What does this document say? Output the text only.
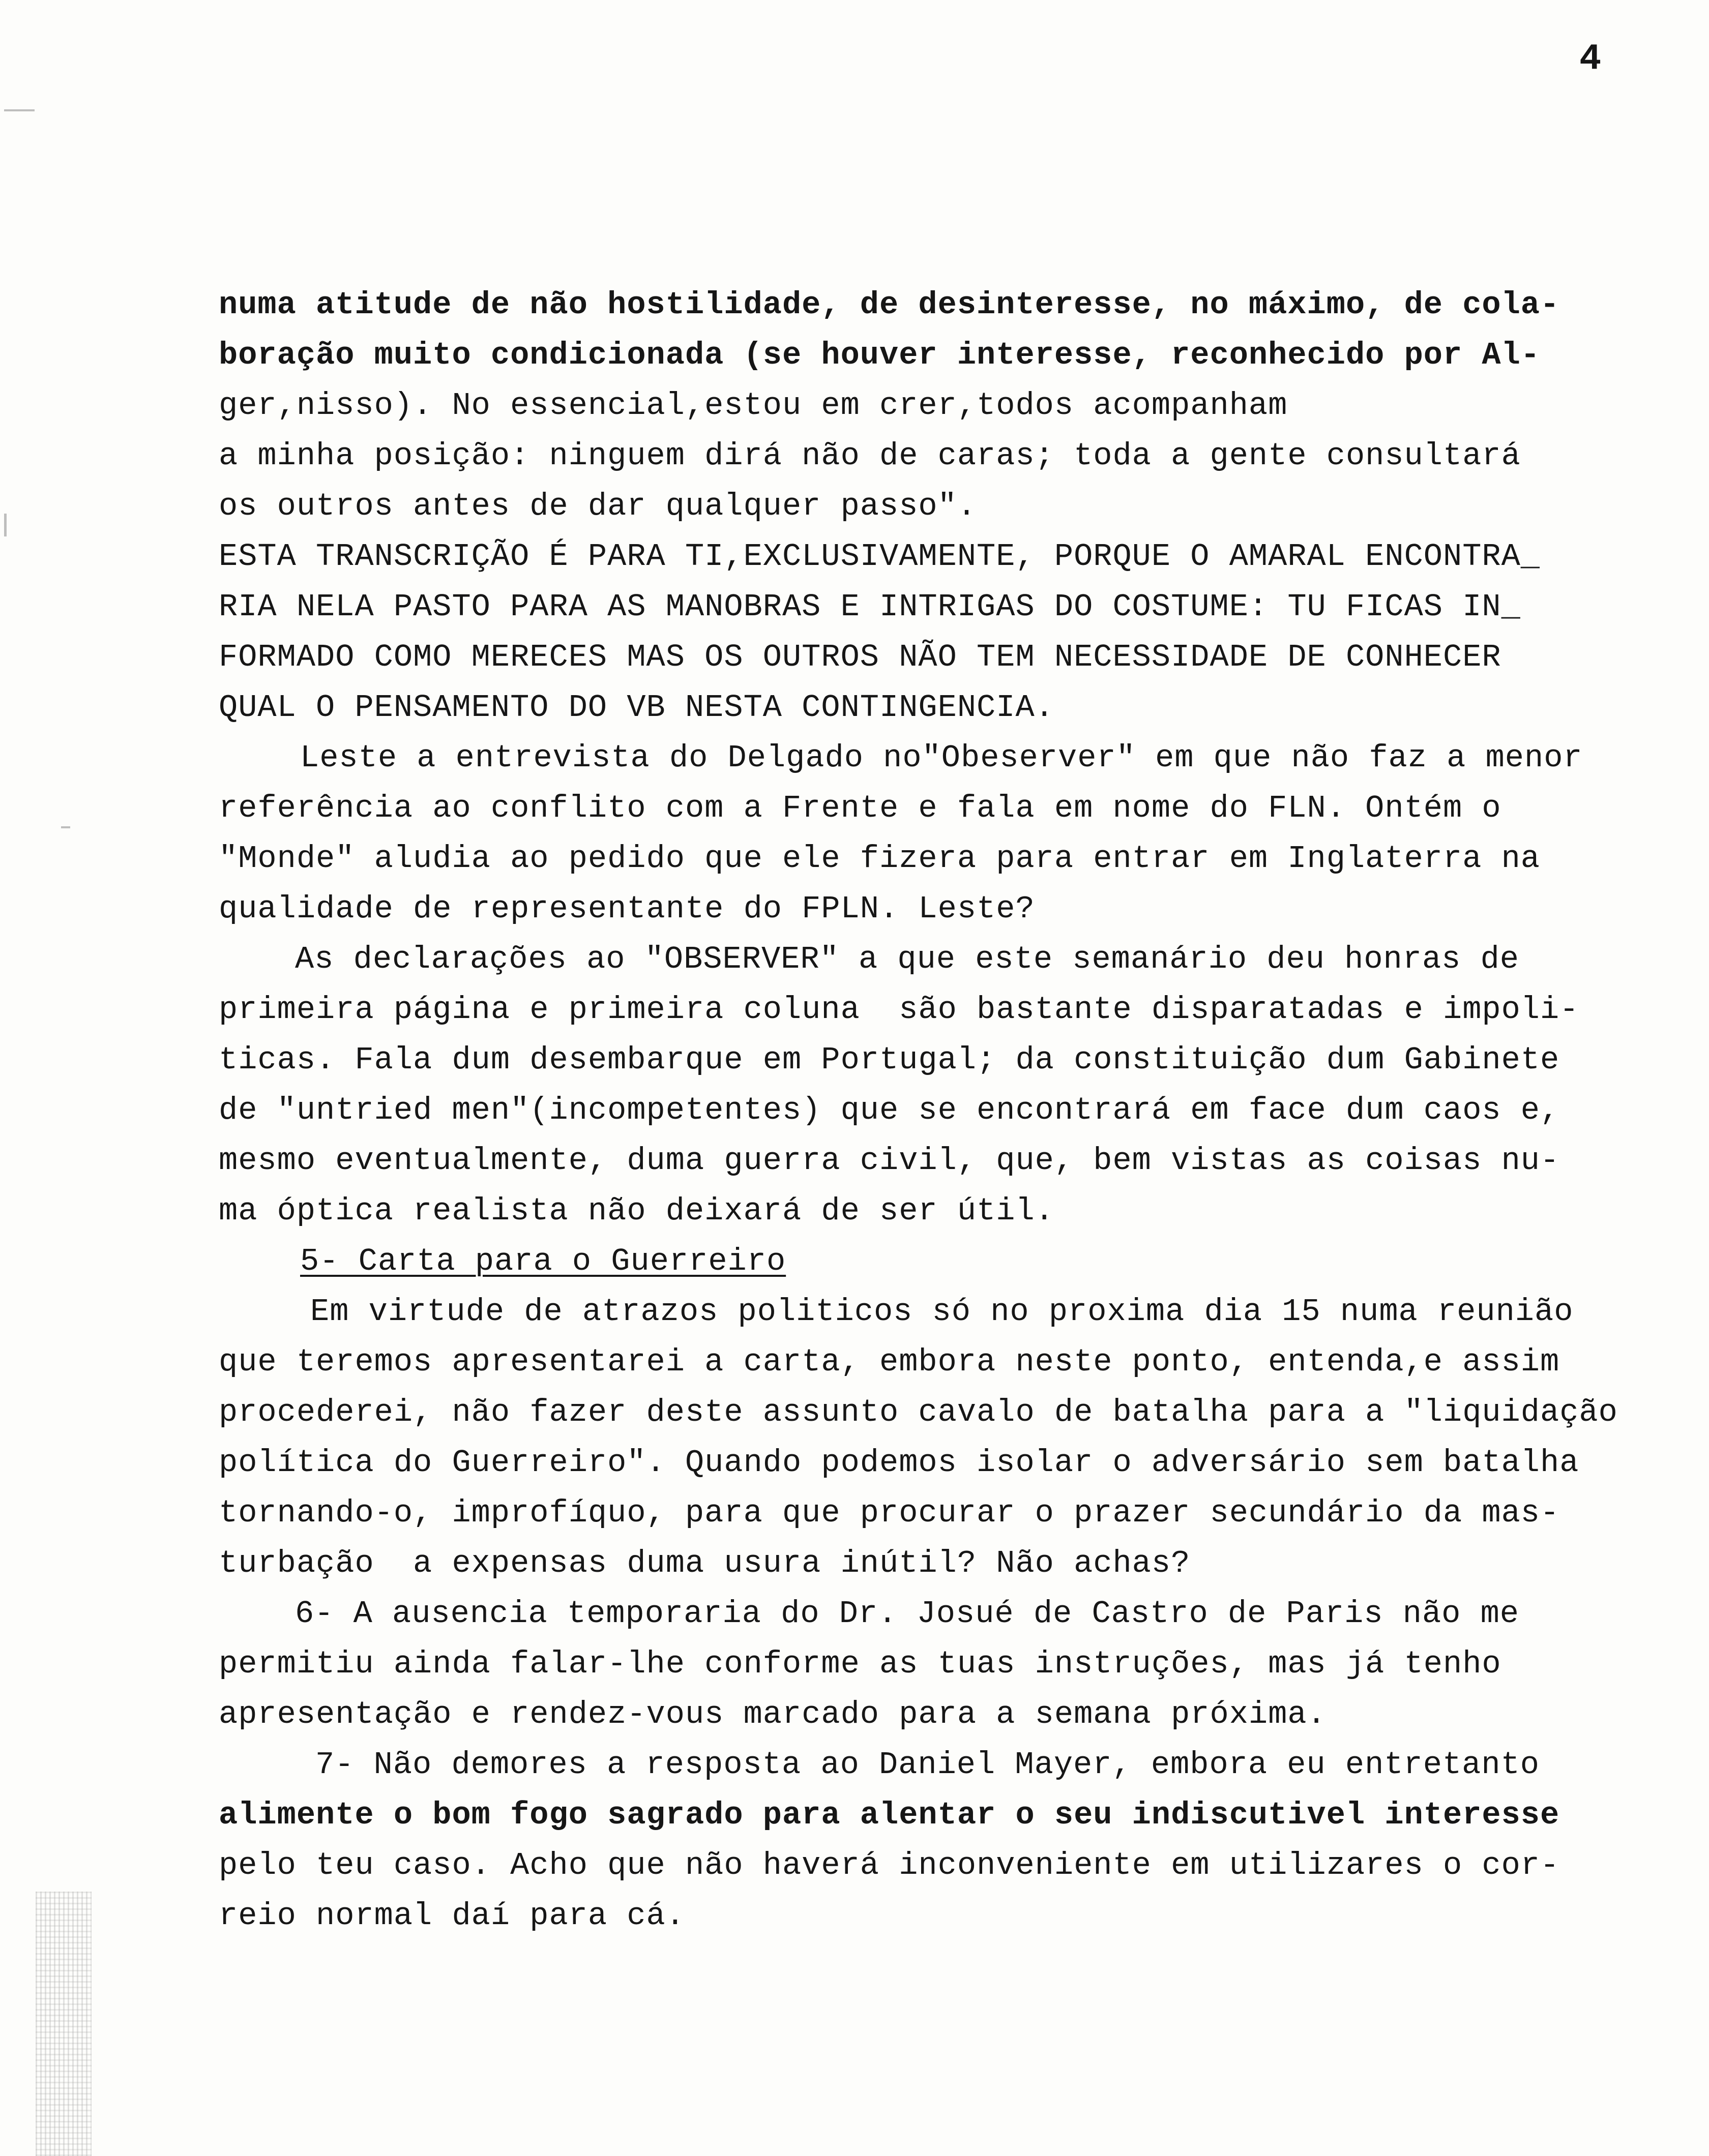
4
numa atitude de não hostilidade, de desinteresse, no máximo, de cola-
boração muito condicionada (se houver interesse, reconhecido por Al-
ger,nisso). No essencial,estou em crer,todos acompanham
a minha posição: ninguem dirá não de caras; toda a gente consultará
os outros antes de dar qualquer passo".
ESTA TRANSCRIÇÃO É PARA TI,EXCLUSIVAMENTE, PORQUE O AMARAL ENCONTRA_
RIA NELA PASTO PARA AS MANOBRAS E INTRIGAS DO COSTUME: TU FICAS IN_
FORMADO COMO MERECES MAS OS OUTROS NÃO TEM NECESSIDADE DE CONHECER
QUAL O PENSAMENTO DO VB NESTA CONTINGENCIA.
Leste a entrevista do Delgado no"Obeserver" em que não faz a menor
referência ao conflito com a Frente e fala em nome do FLN. Ontém o
"Monde" aludia ao pedido que ele fizera para entrar em Inglaterra na
qualidade de representante do FPLN. Leste?
As declarações ao "OBSERVER" a que este semanário deu honras de
primeira página e primeira coluna  são bastante disparatadas e impoli-
ticas. Fala dum desembarque em Portugal; da constituição dum Gabinete
de "untried men"(incompetentes) que se encontrará em face dum caos e,
mesmo eventualmente, duma guerra civil, que, bem vistas as coisas nu-
ma óptica realista não deixará de ser útil.
5- Carta para o Guerreiro
Em virtude de atrazos politicos só no proxima dia 15 numa reunião
que teremos apresentarei a carta, embora neste ponto, entenda,e assim
procederei, não fazer deste assunto cavalo de batalha para a "liquidação
política do Guerreiro". Quando podemos isolar o adversário sem batalha
tornando-o, improfíquo, para que procurar o prazer secundário da mas-
turbação  a expensas duma usura inútil? Não achas?
6- A ausencia temporaria do Dr. Josué de Castro de Paris não me
permitiu ainda falar-lhe conforme as tuas instruções, mas já tenho
apresentação e rendez-vous marcado para a semana próxima.
7- Não demores a resposta ao Daniel Mayer, embora eu entretanto
alimente o bom fogo sagrado para alentar o seu indiscutivel interesse
pelo teu caso. Acho que não haverá inconveniente em utilizares o cor-
reio normal daí para cá.
